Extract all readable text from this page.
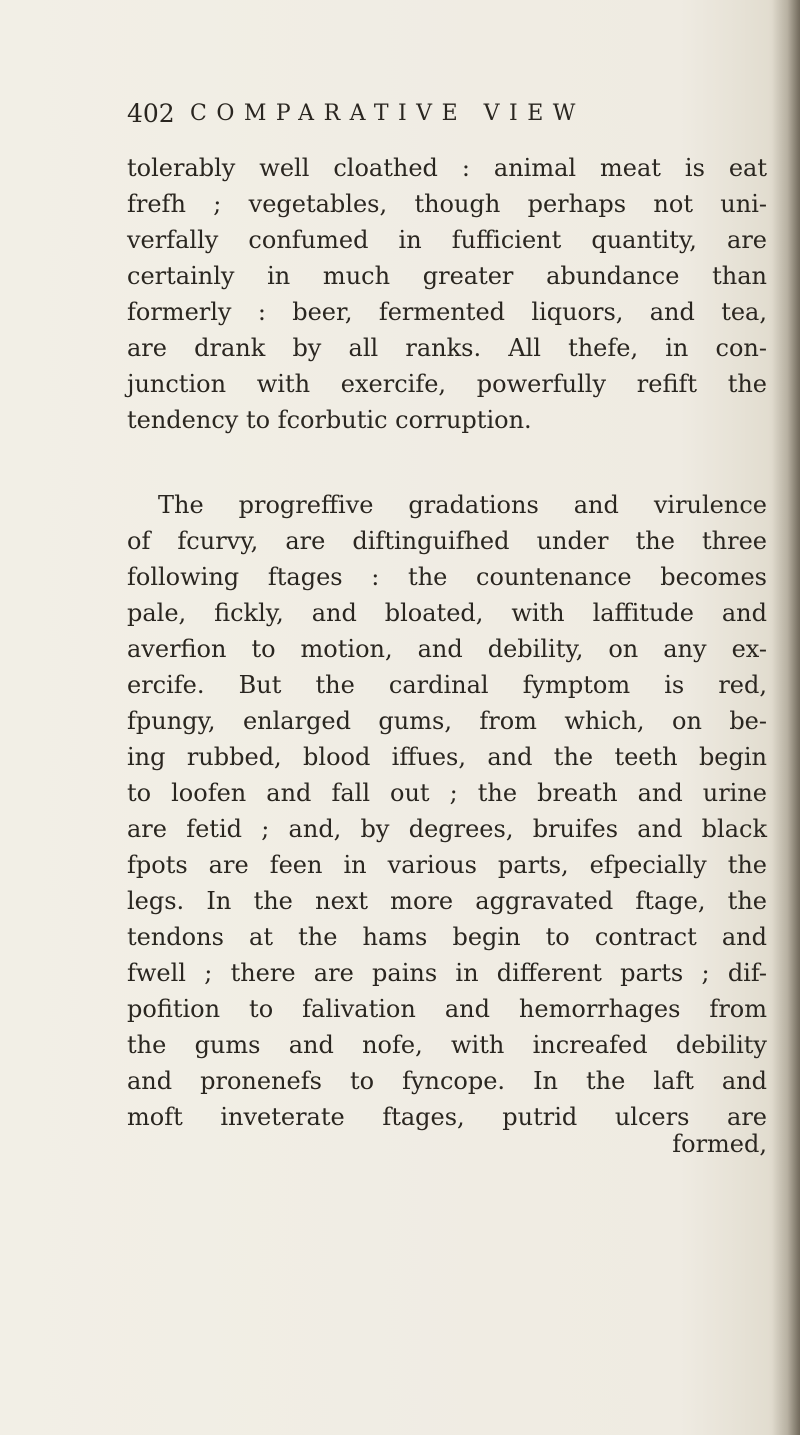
402 COMPARATIVE VIEW
tolerably well cloathed : animal meat is eat
frefh ; vegetables, though perhaps not uni-
verfally confumed in fufficient quantity, are
certainly in much greater abundance than
formerly : beer, fermented liquors, and tea,
are drank by all ranks. All thefe, in con-
junction with exercife, powerfully refift the
tendency to fcorbutic corruption.
The progreffive gradations and virulence
of fcurvy, are diftinguifhed under the three
following ftages : the countenance becomes
pale, fickly, and bloated, with laffitude and
averfion to motion, and debility, on any ex-
ercife. But the cardinal fymptom is red,
fpungy, enlarged gums, from which, on be-
ing rubbed, blood iffues, and the teeth begin
to loofen and fall out ; the breath and urine
are fetid ; and, by degrees, bruifes and black
fpots are feen in various parts, efpecially the
legs. In the next more aggravated ftage, the
tendons at the hams begin to contract and
fwell ; there are pains in different parts ; dif-
pofition to falivation and hemorrhages from
the gums and nofe, with increafed debility
and pronenefs to fyncope. In the laft and
moft inveterate ftages, putrid ulcers are
formed,
